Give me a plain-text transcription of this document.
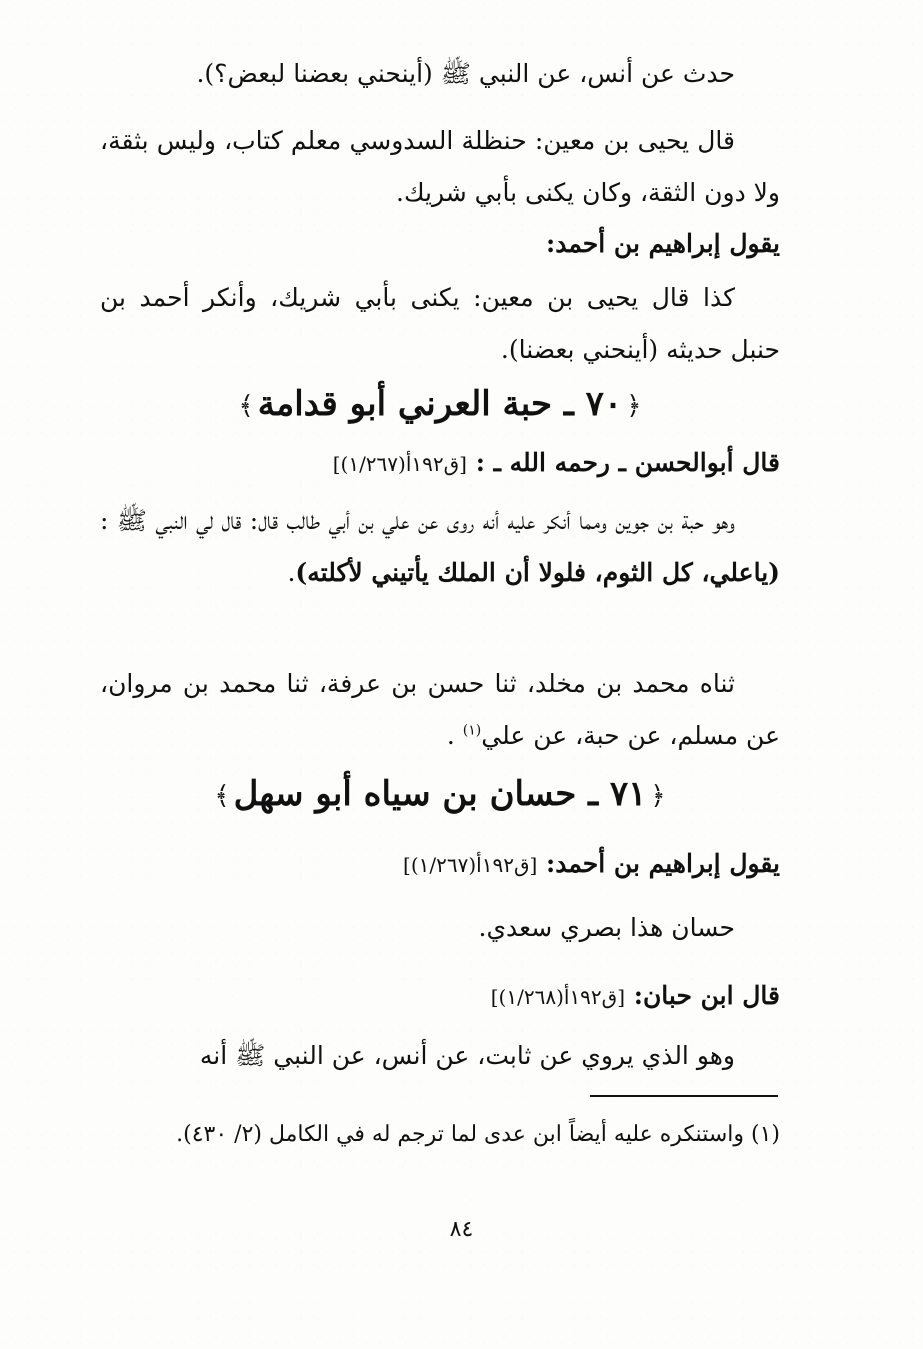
حدث عن أنس، عن النبي ﷺ (أينحني بعضنا لبعض؟).
قال يحيى بن معين: حنظلة السدوسي معلم كتاب، وليس بثقة، ولا دون الثقة، وكان يكنى بأبي شريك.
يقول إبراهيم بن أحمد:
كذا قال يحيى بن معين: يكنى بأبي شريك، وأنكر أحمد بن حنبل حديثه (أينحني بعضنا).
﴿٧٠ ـ حبة العرني أبو قدامة﴾
قال أبوالحسن ـ رحمه الله ـ : [ق١٩٢أ(١/٢٦٧)]
وهو حبة بن جوين ومما أنكر عليه أنه روى عن علي بن أبي طالب قال: قال لي النبي ﷺ : (ياعلي، كل الثوم، فلولا أن الملك يأتيني لأكلته).
ثناه محمد بن مخلد، ثنا حسن بن عرفة، ثنا محمد بن مروان، عن مسلم، عن حبة، عن علي$^{(١)}$ .
﴿٧١ ـ حسان بن سياه أبو سهل﴾
يقول إبراهيم بن أحمد: [ق١٩٢أ(١/٢٦٧)]
حسان هذا بصري سعدي.
قال ابن حبان: [ق١٩٢أ(١/٢٦٨)]
وهو الذي يروي عن ثابت، عن أنس، عن النبي ﷺ أنه
(١) واستنكره عليه أيضاً ابن عدى لما ترجم له في الكامل (٢/ ٤٣٠).
٨٤
